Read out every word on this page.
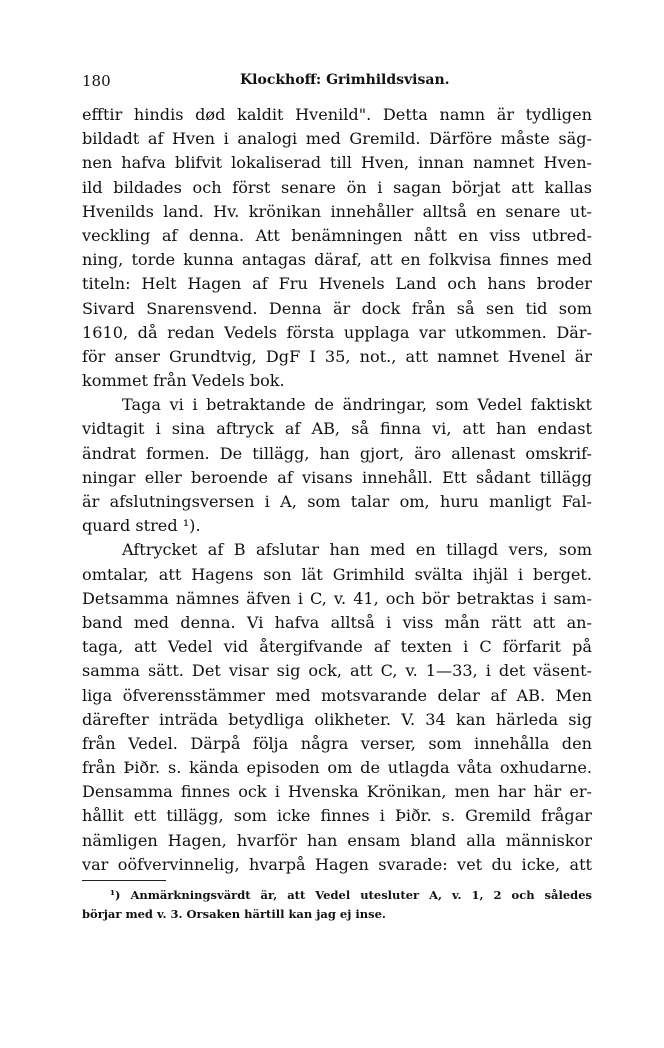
180	Klockhoff: Grimhildsvisan.
efftir hindis død kaldit Hvenild". Detta namn är tydligen
bildadt af Hven i analogi med Gremild. Därföre måste säg-
nen hafva blifvit lokaliserad till Hven, innan namnet Hven-
ild bildades och först senare ön i sagan börjat att kallas
Hvenilds land. Hv. krönikan innehåller alltså en senare ut-
veckling af denna. Att benämningen nått en viss utbred-
ning, torde kunna antagas däraf, att en folkvisa finnes med
titeln: Helt Hagen af Fru Hvenels Land och hans broder
Sivard Snarensvend. Denna är dock från så sen tid som
1610, då redan Vedels första upplaga var utkommen. Där-
för anser Grundtvig, DgF I 35, not., att namnet Hvenel är
kommet från Vedels bok.
Taga vi i betraktande de ändringar, som Vedel faktiskt
vidtagit i sina aftryck af AB, så finna vi, att han endast
ändrat formen. De tillägg, han gjort, äro allenast omskrif-
ningar eller beroende af visans innehåll. Ett sådant tillägg
är afslutningsversen i A, som talar om, huru manligt Fal-
quard stred ¹).
Aftrycket af B afslutar han med en tillagd vers, som
omtalar, att Hagens son lät Grimhild svälta ihjäl i berget.
Detsamma nämnes äfven i C, v. 41, och bör betraktas i sam-
band med denna. Vi hafva alltså i viss mån rätt att an-
taga, att Vedel vid återgifvande af texten i C förfarit på
samma sätt. Det visar sig ock, att C, v. 1—33, i det väsent-
liga öfverensstämmer med motsvarande delar af AB. Men
därefter inträda betydliga olikheter. V. 34 kan härleda sig
från Vedel. Därpå följa några verser, som innehålla den
från Þiðr. s. kända episoden om de utlagda våta oxhudarne.
Densamma finnes ock i Hvenska Krönikan, men har här er-
hållit ett tillägg, som icke finnes i Þiðr. s. Gremild frågar
nämligen Hagen, hvarför han ensam bland alla människor
var oöfvervinnelig, hvarpå Hagen svarade: vet du icke, att
¹) Anmärkningsvärdt är, att Vedel utesluter A, v. 1, 2 och således
börjar med v. 3. Orsaken härtill kan jag ej inse.
